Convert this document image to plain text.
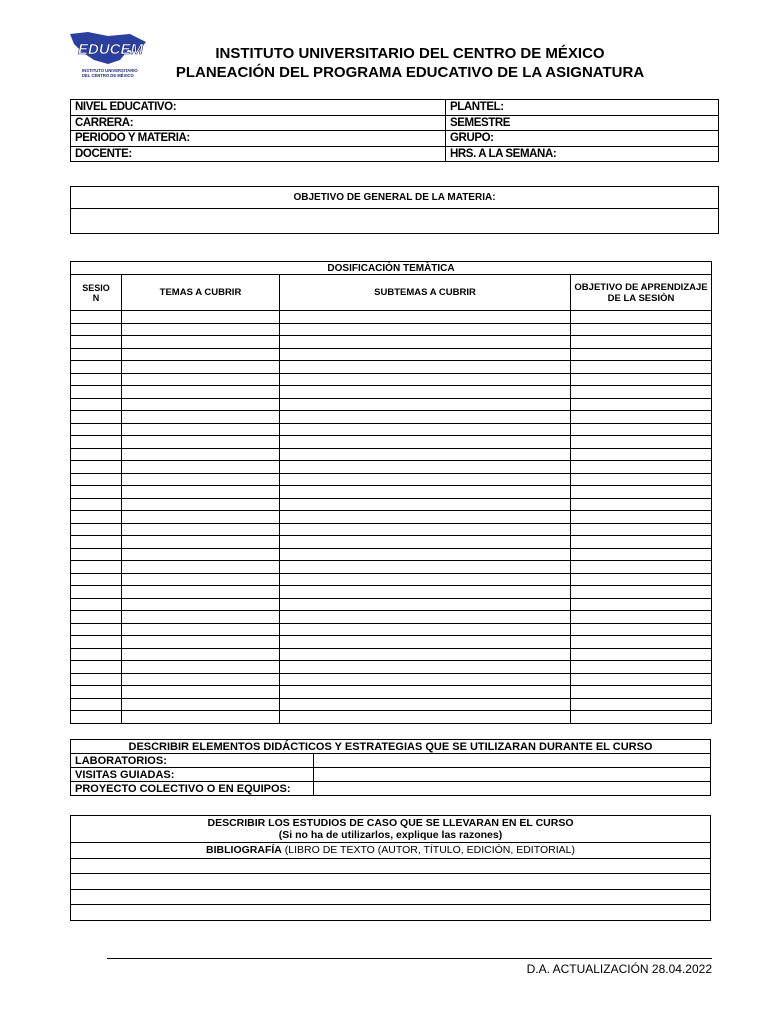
EDUCEM
INSTITUTO UNIVERSITARIO
DEL CENTRO DE MÉXICO
INSTITUTO UNIVERSITARIO DEL CENTRO DE MÉXICO
PLANEACIÓN DEL PROGRAMA EDUCATIVO DE LA ASIGNATURA
NIVEL EDUCATIVO:	PLANTEL:
CARRERA:	SEMESTRE
PERIODO Y MATERIA:	GRUPO:
DOCENTE:	HRS. A LA SEMANA:
OBJETIVO DE GENERAL DE LA MATERIA:

DOSIFICACIÒN TEMÀTICA			
SESIO
N	TEMAS A CUBRIR	SUBTEMAS A CUBRIR	OBJETIVO DE APRENDIZAJE DE LA SESIÒN

DESCRIBIR ELEMENTOS DIDÁCTICOS Y ESTRATEGIAS QUE SE UTILIZARAN DURANTE EL CURSO	
LABORATORIOS:	
VISITAS GUIADAS:	
PROYECTO COLECTIVO O EN EQUIPOS:	
DESCRIBIR LOS ESTUDIOS DE CASO QUE SE LLEVARAN EN EL CURSO
(Si no ha de utilizarlos, explique las razones)
BIBLIOGRAFÍA (LIBRO DE TEXTO (AUTOR, TÍTULO, EDICIÓN, EDITORIAL)

D.A. ACTUALIZACIÓN 28.04.2022
